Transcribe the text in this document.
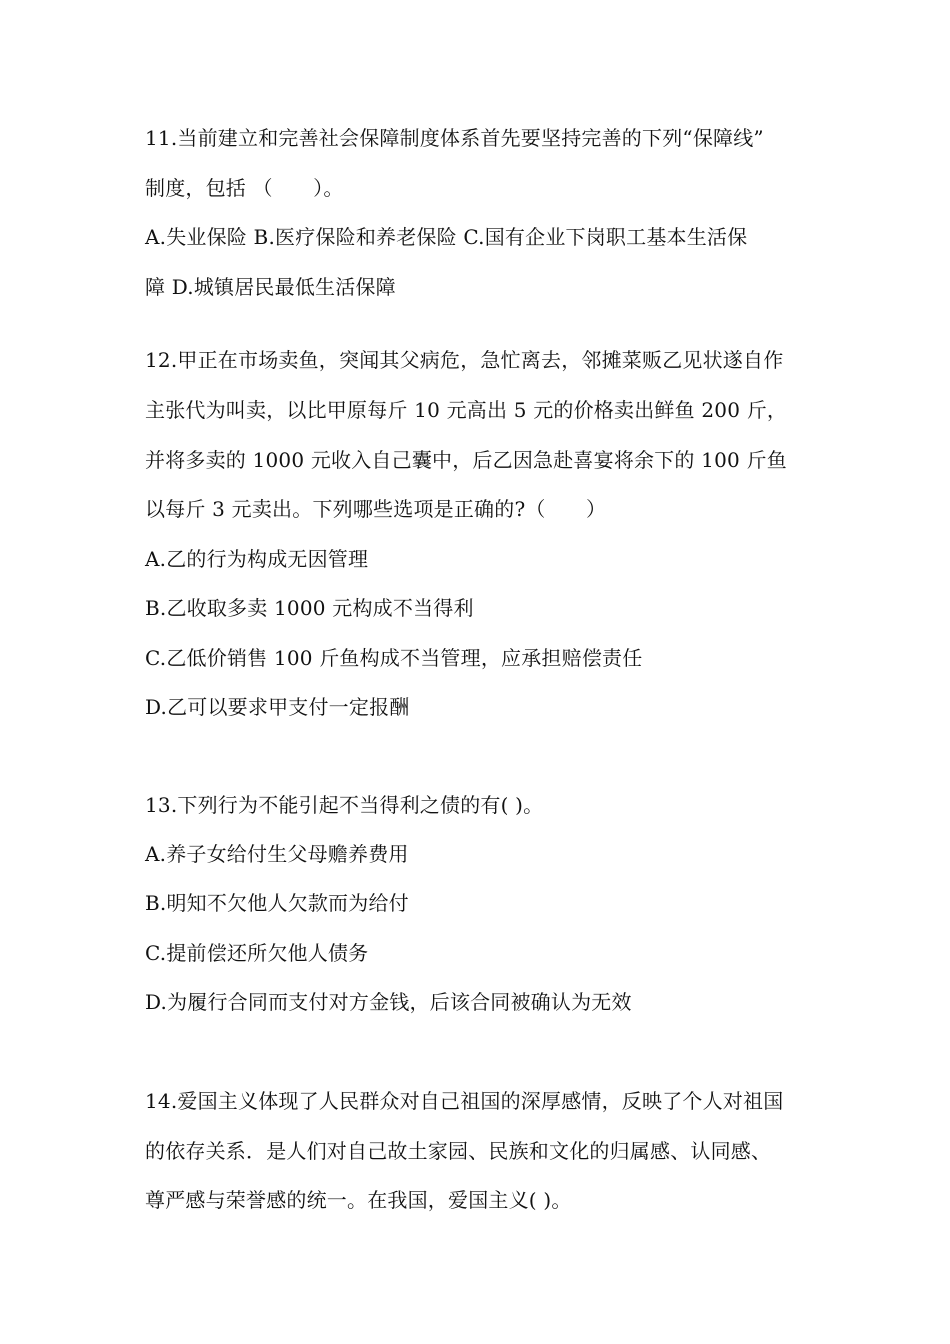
11.当前建立和完善社会保障制度体系首先要坚持完善的下列“保障线”
制度，包括 （　　）。
A.失业保险 B.医疗保险和养老保险 C.国有企业下岗职工基本生活保
障 D.城镇居民最低生活保障
12.甲正在市场卖鱼，突闻其父病危，急忙离去，邻摊菜贩乙见状遂自作
主张代为叫卖，以比甲原每斤 10 元高出 5 元的价格卖出鲜鱼 200 斤，
并将多卖的 1000 元收入自己囊中，后乙因急赴喜宴将余下的 100 斤鱼
以每斤 3 元卖出。下列哪些选项是正确的?（　　）
A.乙的行为构成无因管理
B.乙收取多卖 1000 元构成不当得利
C.乙低价销售 100 斤鱼构成不当管理，应承担赔偿责任
D.乙可以要求甲支付一定报酬
13.下列行为不能引起不当得利之债的有( )。
A.养子女给付生父母赡养费用
B.明知不欠他人欠款而为给付
C.提前偿还所欠他人债务
D.为履行合同而支付对方金钱，后该合同被确认为无效
14.爱国主义体现了人民群众对自己祖国的深厚感情，反映了个人对祖国
的依存关系．是人们对自己故土家园、民族和文化的归属感、认同感、
尊严感与荣誉感的统一。在我国，爱国主义( )。
